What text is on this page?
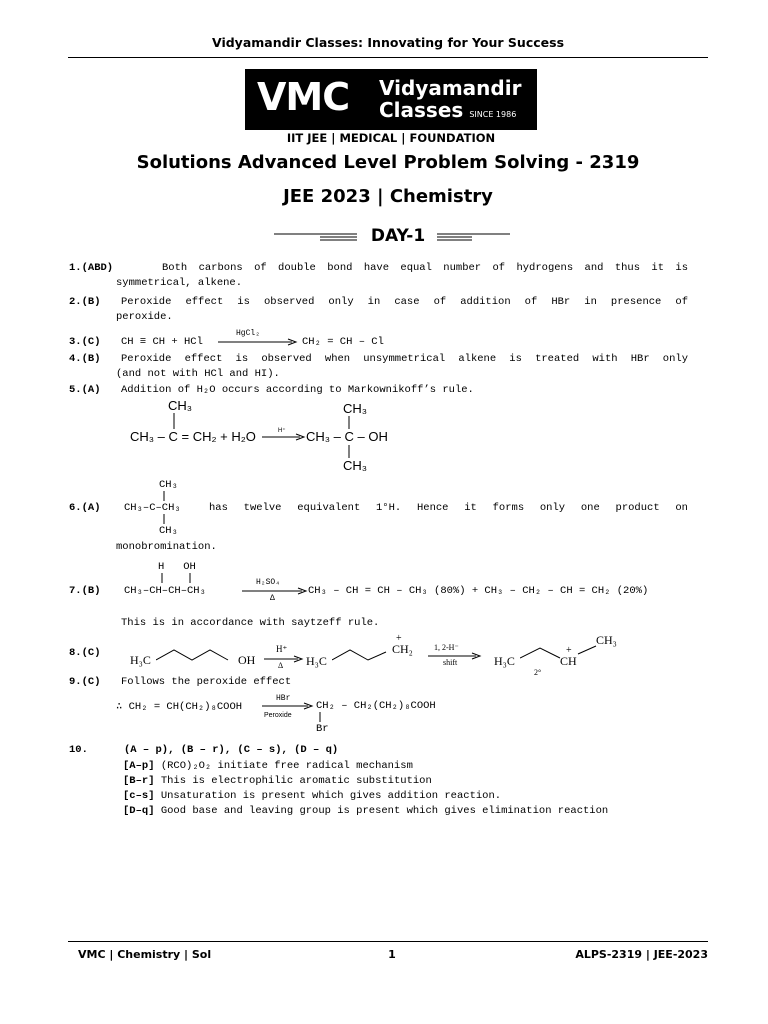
Vidyamandir Classes: Innovating for Your Success
VMC Vidyamandir
Classes SINCE 1986
IIT JEE | MEDICAL | FOUNDATION
Solutions Advanced Level Problem Solving - 2319
JEE 2023 | Chemistry
DAY-1
1.(ABD)	Both carbons of double bond have equal number of hydrogens and thus it is
symmetrical, alkene.
2.(B) Peroxide effect is observed only in case of addition of HBr in presence of
peroxide.
3.(C) CH ≡ CH + HCl
HgCl₂
CH₂ = CH – Cl
4.(B) Peroxide effect is observed when unsymmetrical alkene is treated with HBr only
(and not with HCl and HI).
5.(A) Addition of H₂O occurs according to Markownikoff’s rule.
CH₃
CH₃ – C = CH₂ + H₂O	H⁺
CH₃
CH₃ – C – OH
CH₃
CH₃
6.(A) CH₃–C–CH₃	has twelve equivalent 1°H. Hence it forms only one product on
CH₃
monobromination.
H   OH
7.(B) CH₃–CH–CH–CH₃
H₂SO₄
Δ
CH₃ – CH = CH – CH₃ (80%) + CH₃ – CH₂ – CH = CH₂ (20%)
This is in accordance with saytzeff rule.
8.(C) H₃C	OH
H⁺
Δ H₃C
+
CH₂	1, 2-H⁻
shift	H₃C
+
CH
CH₃
2°
9.(C) Follows the peroxide effect
∴ CH₂ = CH(CH₂)₈COOH
HBr
Peroxide
CH₂ – CH₂(CH₂)₈COOH
Br
10.	(A – p), (B – r), (C – s), (D – q)
[A–p] (RCO)₂O₂ initiate free radical mechanism
[B–r] This is electrophilic aromatic substitution
[c–s] Unsaturation is present which gives addition reaction.
[D–q] Good base and leaving group is present which gives elimination reaction
VMC | Chemistry | Sol	1	ALPS-2319 | JEE-2023
